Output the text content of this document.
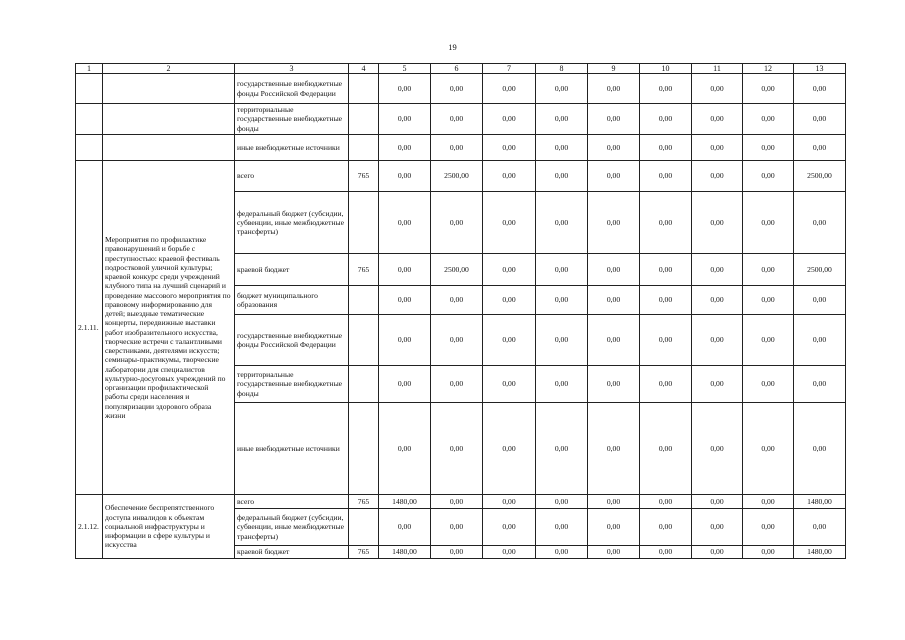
19
1	2	3	4	5	6	7	8	9	10	11	12	13
		государственные внебюджетные фонды Российской Федерации		0,00	0,00	0,00	0,00	0,00	0,00	0,00	0,00	0,00
		территориальные государственные внебюджетные фонды		0,00	0,00	0,00	0,00	0,00	0,00	0,00	0,00	0,00
		иные внебюджетные источники		0,00	0,00	0,00	0,00	0,00	0,00	0,00	0,00	0,00
2.1.11.	Мероприятия по профилактике правонарушений и борьбе с преступностью: краевой фестиваль подростковой уличной культуры; краевой конкурс среди учреждений клубного типа на лучший сценарий и проведение массового мероприятия по правовому информированию для детей; выездные тематические концерты, передвижные выставки работ изобразительного искусства, творческие встречи с талантливыми сверстниками, деятелями искусств; семинары-практикумы, творческие лаборатории для специалистов культурно-досуговых учреждений по организации профилактической работы среди населения и популяризации здорового образа жизни	всего	765	0,00	2500,00	0,00	0,00	0,00	0,00	0,00	0,00	2500,00
		федеральный бюджет (субсидии, субвенции, иные межбюджетные трансферты)		0,00	0,00	0,00	0,00	0,00	0,00	0,00	0,00	0,00
		краевой бюджет	765	0,00	2500,00	0,00	0,00	0,00	0,00	0,00	0,00	2500,00
		бюджет муниципального образования		0,00	0,00	0,00	0,00	0,00	0,00	0,00	0,00	0,00
		государственные внебюджетные фонды Российской Федерации		0,00	0,00	0,00	0,00	0,00	0,00	0,00	0,00	0,00
		территориальные государственные внебюджетные фонды		0,00	0,00	0,00	0,00	0,00	0,00	0,00	0,00	0,00
		иные внебюджетные источники		0,00	0,00	0,00	0,00	0,00	0,00	0,00	0,00	0,00
2.1.12.	Обеспечение беспрепятственного доступа инвалидов к объектам социальной инфраструктуры и информации в сфере культуры и искусства	всего	765	1480,00	0,00	0,00	0,00	0,00	0,00	0,00	0,00	1480,00
		федеральный бюджет (субсидии, субвенции, иные межбюджетные трансферты)		0,00	0,00	0,00	0,00	0,00	0,00	0,00	0,00	0,00
		краевой бюджет	765	1480,00	0,00	0,00	0,00	0,00	0,00	0,00	0,00	1480,00
